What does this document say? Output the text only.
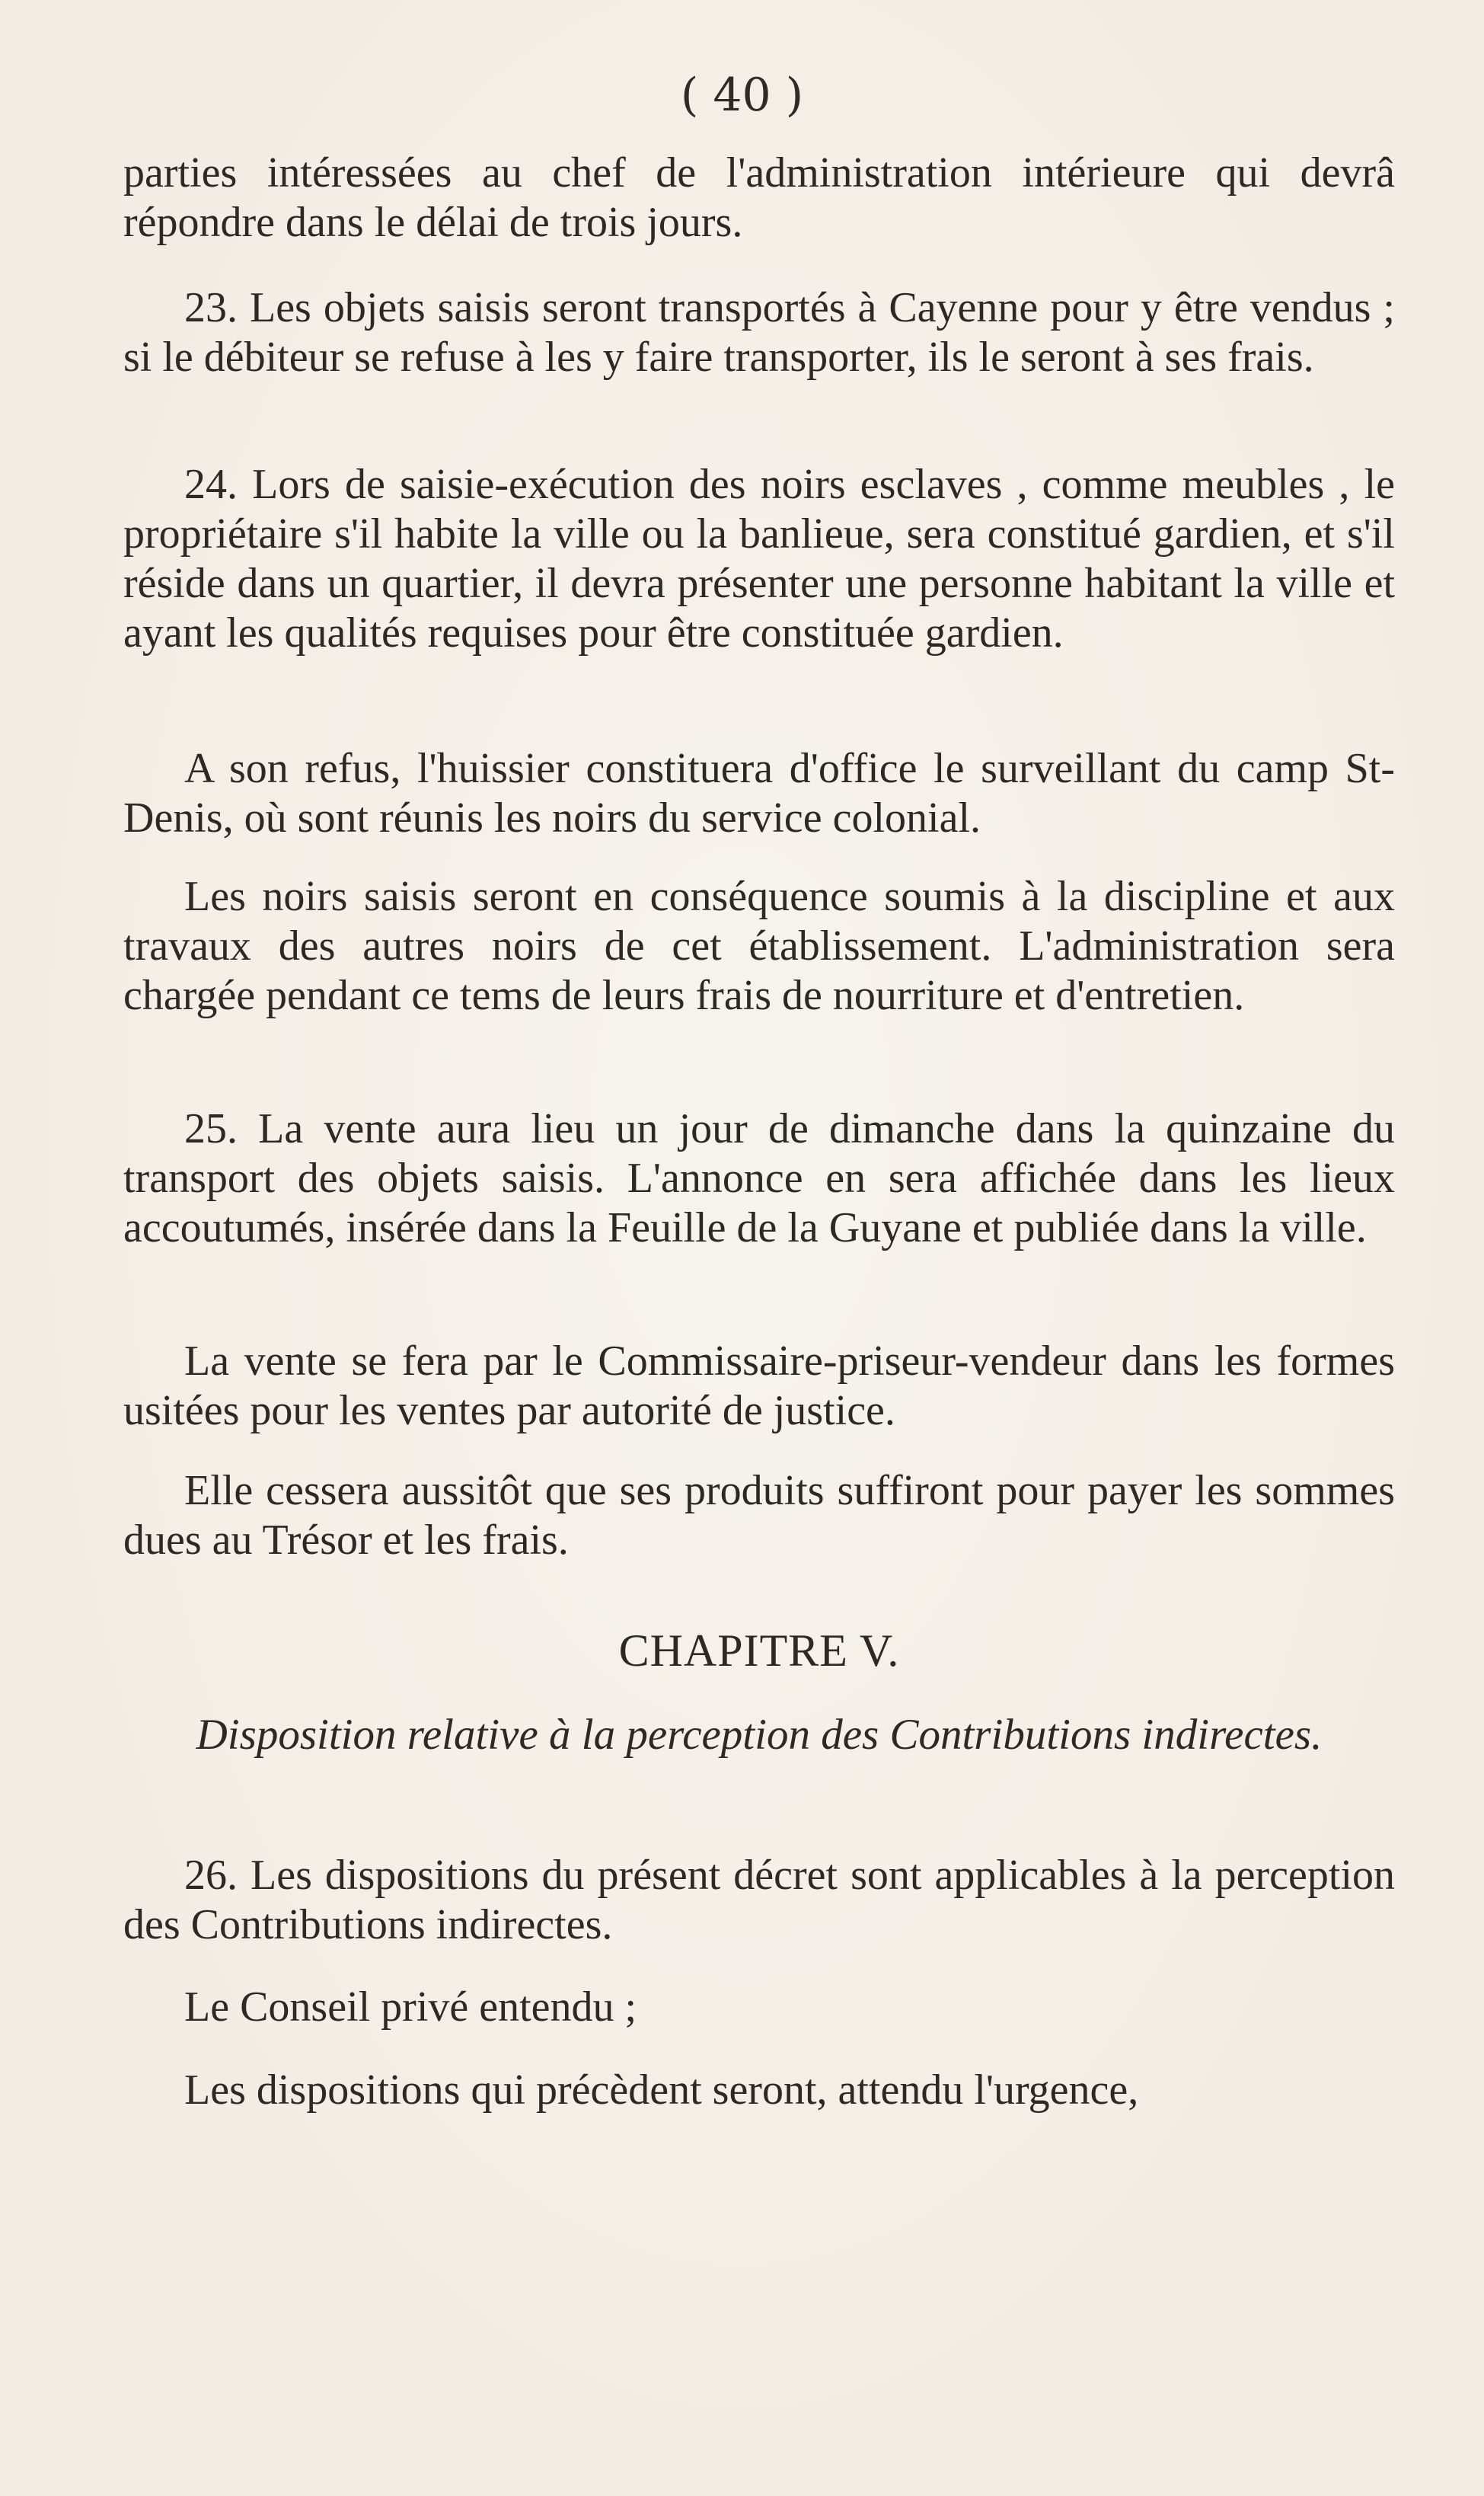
( 40 )

parties intéressées au chef de l'administration intérieure qui devrâ répondre dans le délai de trois jours.

23. Les objets saisis seront transportés à Cayenne pour y être vendus ; si le débiteur se refuse à les y faire transporter, ils le seront à ses frais.

24. Lors de saisie-exécution des noirs esclaves , comme meubles , le propriétaire s'il habite la ville ou la banlieue, sera constitué gardien, et s'il réside dans un quartier, il devra présenter une personne habitant la ville et ayant les qualités requises pour être constituée gardien.

A son refus, l'huissier constituera d'office le surveillant du camp St-Denis, où sont réunis les noirs du service colonial.

Les noirs saisis seront en conséquence soumis à la discipline et aux travaux des autres noirs de cet établissement. L'administration sera chargée pendant ce tems de leurs frais de nourriture et d'entretien.

25. La vente aura lieu un jour de dimanche dans la quinzaine du transport des objets saisis. L'annonce en sera affichée dans les lieux accoutumés, insérée dans la Feuille de la Guyane et publiée dans la ville.

La vente se fera par le Commissaire-priseur-vendeur dans les formes usitées pour les ventes par autorité de justice.

Elle cessera aussitôt que ses produits suffiront pour payer les sommes dues au Trésor et les frais.

CHAPITRE V.

Disposition relative à la perception des Contributions indirectes.

26. Les dispositions du présent décret sont applicables à la perception des Contributions indirectes.

Le Conseil privé entendu ;

Les dispositions qui précèdent seront, attendu l'urgence,
